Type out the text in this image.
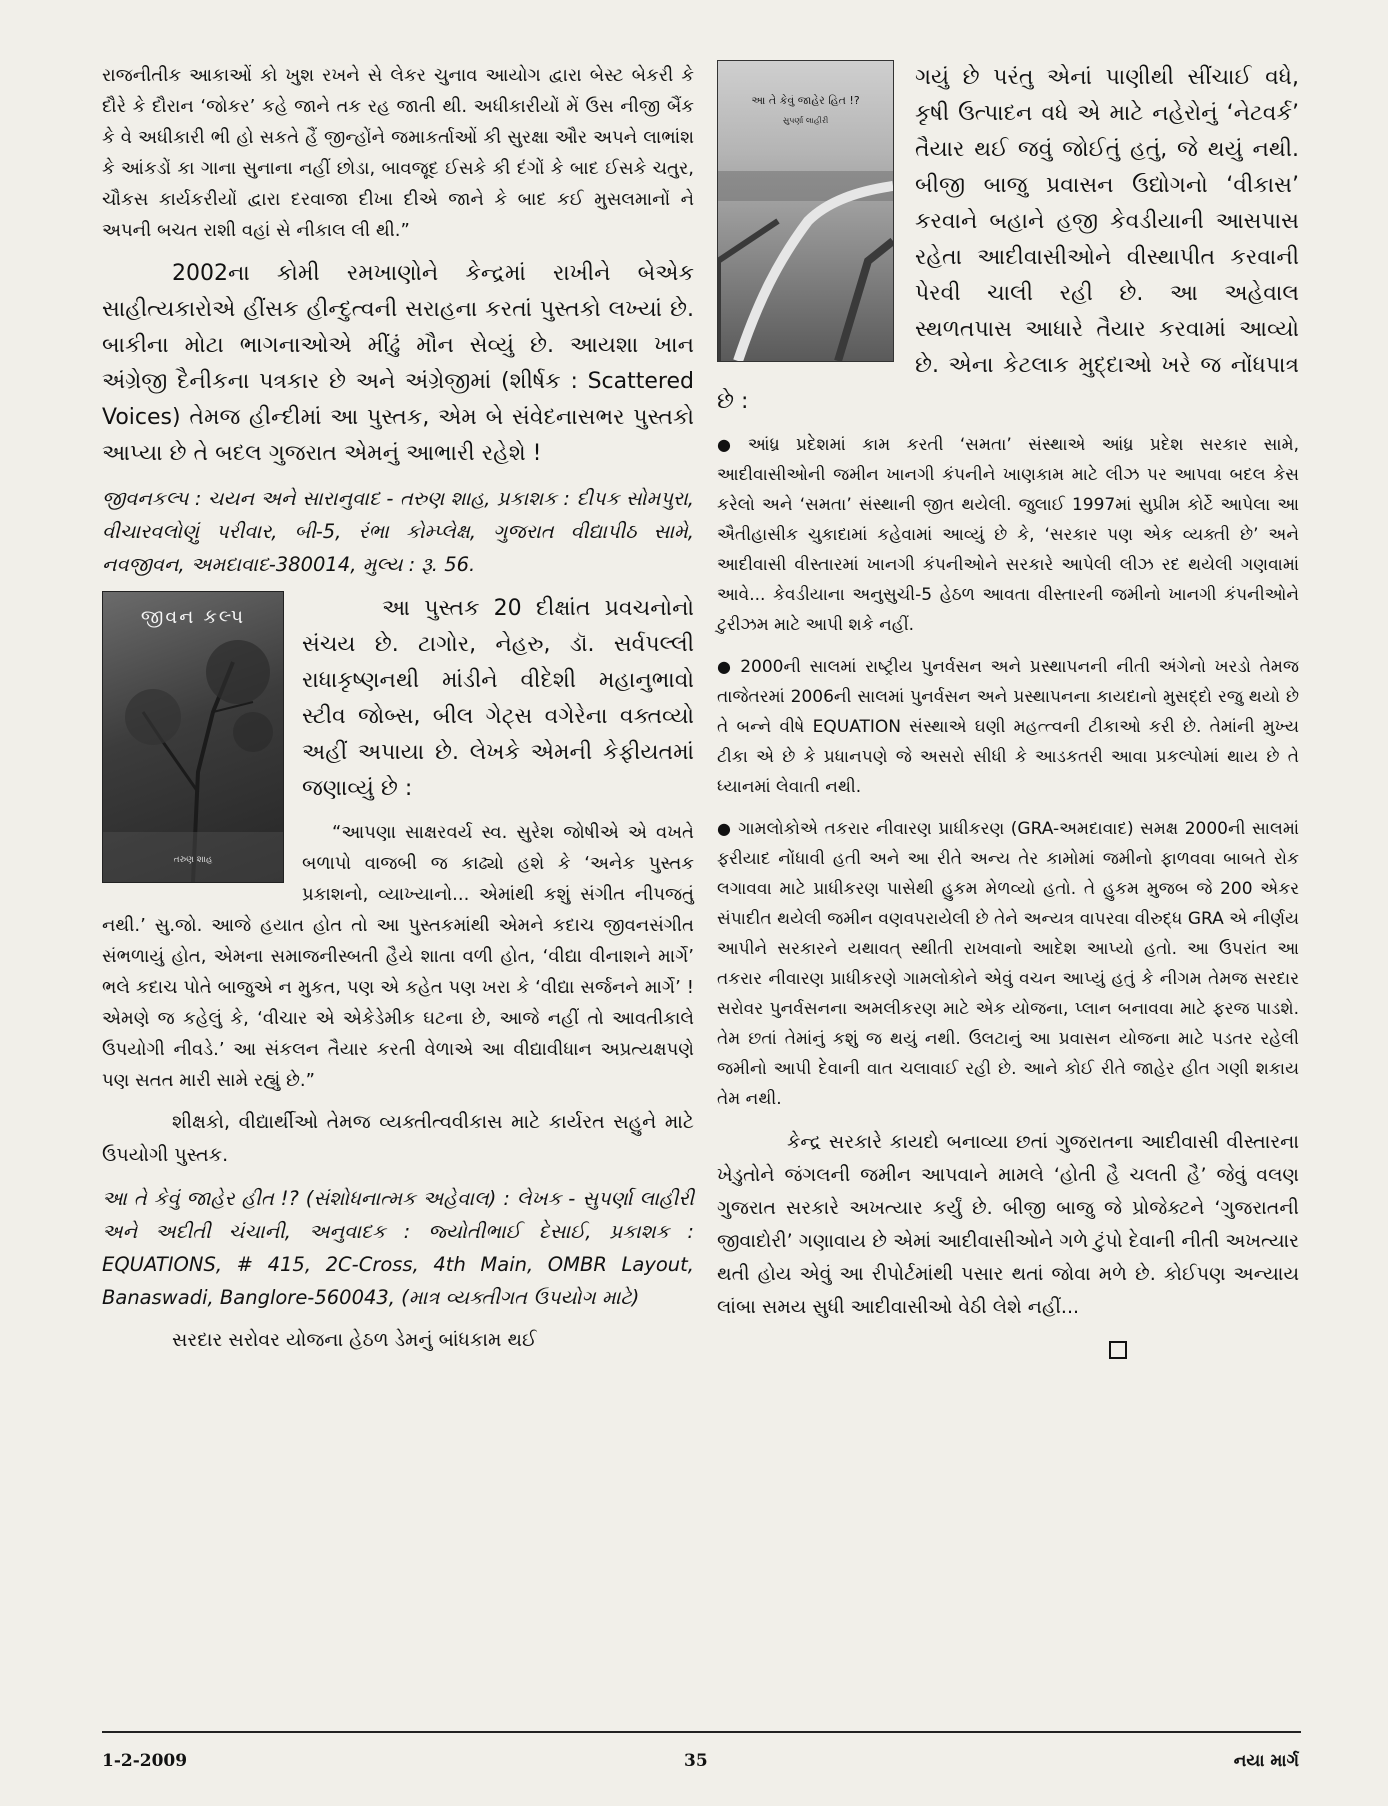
રાજનીતીક આકાઓં કો ખુશ રખને સે લેકર ચુનાવ આયોગ દ્વારા બેસ્ટ બેકરી કે દૌરે કે દૌરાન ‘જોકર’ કહે જાને તક રહ જાતી થી. અધીકારીયોં મેં ઉસ નીજી બૈંક કે વે અધીકારી ભી હો સકતે હૈં જીન્હોંને જમાકર્તાઓં કી સુરક્ષા ઔર અપને લાભાંશ કે આંકડોં કા ગાના સુનાના નહીં છોડા, બાવજૂદ ઈસકે કી દંગોં કે બાદ ઈસકે ચતુર, ચૌકસ કાર્યકરીયોં દ્વારા દરવાજા દીખા દીએ જાને કે બાદ કઈ મુસલમાનોં ને અપની બચત રાશી વહાં સે નીકાલ લી થી.”

2002ના કોમી રમખાણોને કેન્દ્રમાં રાખીને બેએક સાહીત્યકારોએ હીંસક હીન્દુત્વની સરાહના કરતાં પુસ્તકો લખ્યાં છે. બાકીના મોટા ભાગનાઓએ મીંઢું મૌન સેવ્યું છે. આયશા ખાન અંગ્રેજી દૈનીકના પત્રકાર છે અને અંગ્રેજીમાં (શીર્ષક : Scattered Voices) તેમજ હીન્દીમાં આ પુસ્તક, એમ બે સંવેદનાસભર પુસ્તકો આપ્યા છે તે બદલ ગુજરાત એમનું આભારી રહેશે !

જીવનકલ્પ : ચયન અને સારાનુવાદ - તરુણ શાહ, પ્રકાશક : દીપક સોમપુરા, વીચારવલોણું પરીવાર, બી-5, રંભા કોમ્પ્લેક્ષ, ગુજરાત વીદ્યાપીઠ સામે, નવજીવન, અમદાવાદ-380014, મુલ્ય : રૂ. 56.

જીવન કલ્પ
તરુણ શાહ

આ પુસ્તક 20 દીક્ષાંત પ્રવચનોનો સંચય છે. ટાગોર, નેહરુ, ડૉ. સર્વપલ્લી રાધાકૃષ્ણનથી માંડીને વીદેશી મહાનુભાવો સ્ટીવ જોબ્સ, બીલ ગેટ્સ વગેરેના વક્તવ્યો અહીં અપાયા છે. લેખકે એમની કેફીયતમાં જણાવ્યું છે :

“આપણા સાક્ષરવર્ય સ્વ. સુરેશ જોષીએ એ વખતે બળાપો વાજબી જ કાઢ્યો હશે કે ‘અનેક પુસ્તક પ્રકાશનો, વ્યાખ્યાનો... એમાંથી કશું સંગીત નીપજતું નથી.’ સુ.જો. આજે હયાત હોત તો આ પુસ્તકમાંથી એમને કદાચ જીવનસંગીત સંભળાયું હોત, એમના સમાજનીસ્બતી હૈયે શાતા વળી હોત, ‘વીદ્યા વીનાશને માર્ગે’ ભલે કદાચ પોતે બાજુએ ન મુકત, પણ એ કહેત પણ ખરા કે ‘વીદ્યા સર્જનને માર્ગે’ ! એમણે જ કહેલું કે, ‘વીચાર એ એકેડેમીક ઘટના છે, આજે નહીં તો આવતીકાલે ઉપયોગી નીવડે.’ આ સંકલન તૈયાર કરતી વેળાએ આ વીદ્યાવીધાન અપ્રત્યક્ષપણે પણ સતત મારી સામે રહ્યું છે.”

શીક્ષકો, વીદ્યાર્થીઓ તેમજ વ્યક્તીત્વવીકાસ માટે કાર્યરત સહુને માટે ઉપયોગી પુસ્તક.

આ તે કેવું જાહેર હીત !? (સંશોધનાત્મક અહેવાલ) : લેખક - સુપર્ણા લાહીરી અને અદીતી ચંચાની, અનુવાદક : જ્યોતીભાઈ દેસાઈ, પ્રકાશક : EQUATIONS, # 415, 2C-Cross, 4th Main, OMBR Layout, Banaswadi, Banglore-560043, (માત્ર વ્યક્તીગત ઉપયોગ માટે)

સરદાર સરોવર યોજના હેઠળ ડેમનું બાંધકામ થઈ

આ તે કેવું જાહેર હિત !?
સુપર્ણા લાહીરી

ગયું છે પરંતુ એનાં પાણીથી સીંચાઈ વધે, કૃષી ઉત્પાદન વધે એ માટે નહેરોનું ‘નેટવર્ક’ તૈયાર થઈ જવું જોઈતું હતું, જે થયું નથી. બીજી બાજુ પ્રવાસન ઉદ્યોગનો ‘વીકાસ’ કરવાને બહાને હજી કેવડીયાની આસપાસ રહેતા આદીવાસીઓને વીસ્થાપીત કરવાની પેરવી ચાલી રહી છે. આ અહેવાલ સ્થળતપાસ આધારે તૈયાર કરવામાં આવ્યો છે. એના કેટલાક મુદ્દાઓ ખરે જ નોંધપાત્ર છે :

● આંધ્ર પ્રદેશમાં કામ કરતી ‘સમતા’ સંસ્થાએ આંધ્ર પ્રદેશ સરકાર સામે, આદીવાસીઓની જમીન ખાનગી કંપનીને ખાણકામ માટે લીઝ પર આપવા બદલ કેસ કરેલો અને ‘સમતા’ સંસ્થાની જીત થયેલી. જુલાઈ 1997માં સુપ્રીમ કોર્ટે આપેલા આ ઐતીહાસીક ચુકાદામાં કહેવામાં આવ્યું છે કે, ‘સરકાર પણ એક વ્યક્તી છે’ અને આદીવાસી વીસ્તારમાં ખાનગી કંપનીઓને સરકારે આપેલી લીઝ રદ થયેલી ગણવામાં આવે... કેવડીયાના અનુસુચી-5 હેઠળ આવતા વીસ્તારની જમીનો ખાનગી કંપનીઓને ટુરીઝમ માટે આપી શકે નહીં.
● 2000ની સાલમાં રાષ્ટ્રીય પુનર્વસન અને પ્રસ્થાપનની નીતી અંગેનો ખરડો તેમજ તાજેતરમાં 2006ની સાલમાં પુનર્વસન અને પ્રસ્થાપનના કાયદાનો મુસદ્દો રજુ થયો છે તે બન્ને વીષે EQUATION સંસ્થાએ ઘણી મહત્ત્વની ટીકાઓ કરી છે. તેમાંની મુખ્ય ટીકા એ છે કે પ્રધાનપણે જે અસરો સીધી કે આડકતરી આવા પ્રકલ્પોમાં થાય છે તે ધ્યાનમાં લેવાતી નથી.
● ગામલોકોએ તકરાર નીવારણ પ્રાધીકરણ (GRA-અમદાવાદ) સમક્ષ 2000ની સાલમાં ફરીયાદ નોંધાવી હતી અને આ રીતે અન્ય તેર કામોમાં જમીનો ફાળવવા બાબતે રોક લગાવવા માટે પ્રાધીકરણ પાસેથી હુકમ મેળવ્યો હતો. તે હુકમ મુજબ જે 200 એકર સંપાદીત થયેલી જમીન વણવપરાયેલી છે તેને અન્યત્ર વાપરવા વીરુદ્ધ GRA એ નીર્ણય આપીને સરકારને યથાવત્ સ્થીતી રાખવાનો આદેશ આપ્યો હતો. આ ઉપરાંત આ તકરાર નીવારણ પ્રાધીકરણે ગામલોકોને એવું વચન આપ્યું હતું કે નીગમ તેમજ સરદાર સરોવર પુનર્વસનના અમલીકરણ માટે એક યોજના, પ્લાન બનાવવા માટે ફરજ પાડશે. તેમ છતાં તેમાંનું કશું જ થયું નથી. ઉલટાનું આ પ્રવાસન યોજના માટે પડતર રહેલી જમીનો આપી દેવાની વાત ચલાવાઈ રહી છે. આને કોઈ રીતે જાહેર હીત ગણી શકાય તેમ નથી.

કેન્દ્ર સરકારે કાયદો બનાવ્યા છતાં ગુજરાતના આદીવાસી વીસ્તારના ખેડુતોને જંગલની જમીન આપવાને મામલે ‘હોતી હૈ ચલતી હૈ’ જેવું વલણ ગુજરાત સરકારે અખત્યાર કર્યું છે. બીજી બાજુ જે પ્રોજેક્ટને ‘ગુજરાતની જીવાદોરી’ ગણાવાય છે એમાં આદીવાસીઓને ગળે ટુંપો દેવાની નીતી અખત્યાર થતી હોય એવું આ રીપોર્ટમાંથી પસાર થતાં જોવા મળે છે. કોઈપણ અન્યાય લાંબા સમય સુધી આદીવાસીઓ વેઠી લેશે નહીં...

1-2-2009	35	નયા માર્ગ
